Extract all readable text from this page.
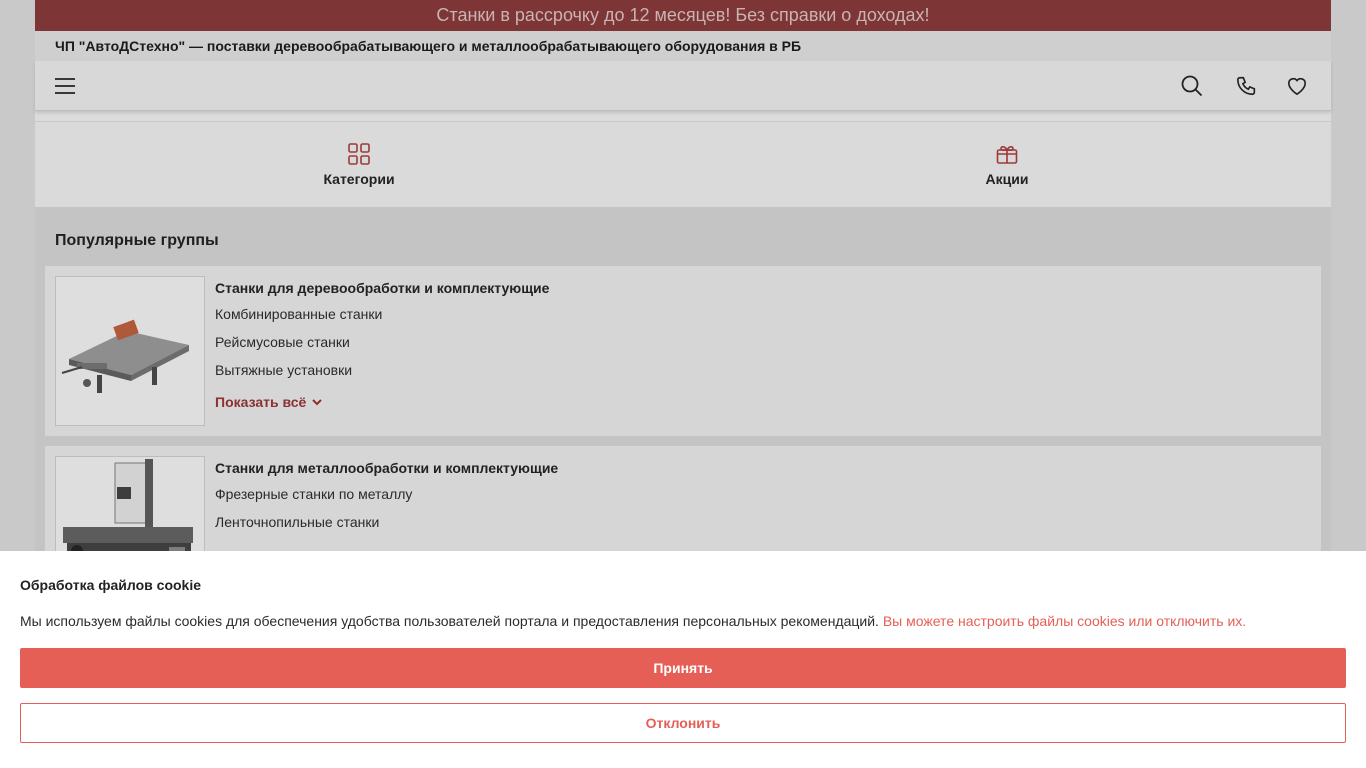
Станки в рассрочку до 12 месяцев! Без справки о доходах!
ЧП "АвтоДСтехно" — поставки деревообрабатывающего и металлообрабатывающего оборудования в РБ
Категории	Акции
Популярные группы
Станки для деревообработки и комплектующие
Комбинированные станки
Рейсмусовые станки
Вытяжные установки
Показать всё
Станки для металлообработки и комплектующие
Фрезерные станки по металлу
Ленточнопильные станки
Обработка файлов cookie
Мы используем файлы cookies для обеспечения удобства пользователей портала и предоставления персональных рекомендаций. Вы можете настроить файлы cookies или отключить их.
Принять Отклонить
